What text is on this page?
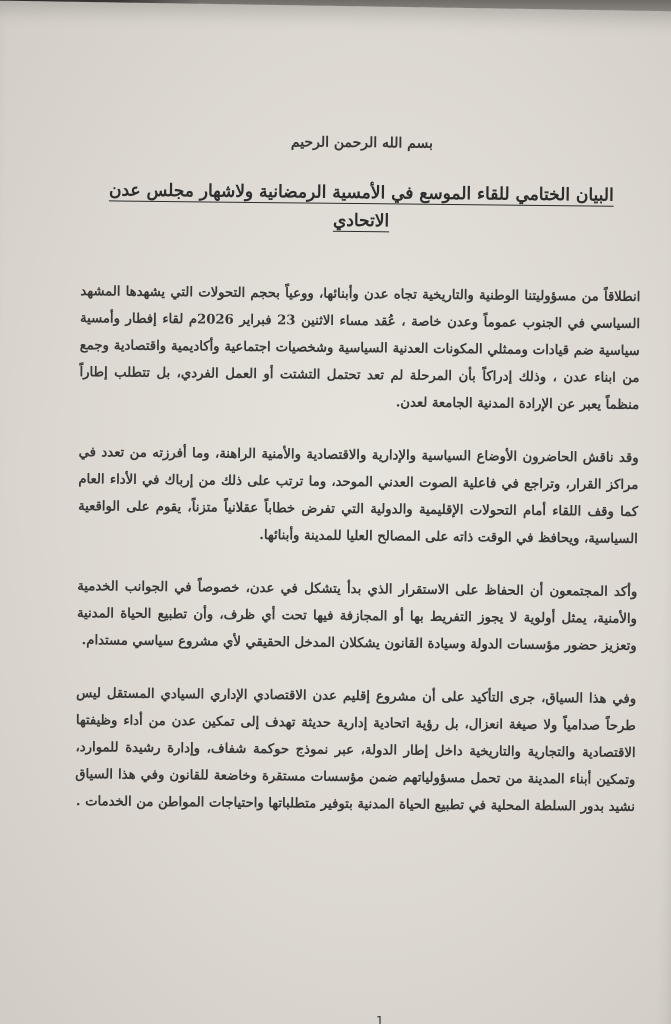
بسم الله الرحمن الرحيم
البيان الختامي للقاء الموسع في الأمسية الرمضانية ولاشهار مجلس عدن الاتحادي

انطلاقاً من مسؤوليتنا الوطنية والتاريخية تجاه عدن وأبنائها، ووعياً بحجم التحولات التي يشهدها المشهد السياسي في الجنوب عموماً وعدن خاصة ، عُقد مساء الاثنين 23 فبراير 2026م لقاء إفطار وأمسية سياسية ضم قيادات وممثلي المكونات العدنية السياسية وشخصيات اجتماعية وأكاديمية واقتصادية وجمع من ابناء عدن ، وذلك إدراكاً بأن المرحلة لم تعد تحتمل التشتت أو العمل الفردي، بل تتطلب إطاراً منظماً يعبر عن الإرادة المدنية الجامعة لعدن.

وقد ناقش الحاضرون الأوضاع السياسية والإدارية والاقتصادية والأمنية الراهنة، وما أفرزته من تعدد في مراكز القرار، وتراجع في فاعلية الصوت العدني الموحد، وما ترتب على ذلك من إرباك في الأداء العام كما وقف اللقاء أمام التحولات الإقليمية والدولية التي تفرض خطاباً عقلانياً متزناً، يقوم على الواقعية السياسية، ويحافظ في الوقت ذاته على المصالح العليا للمدينة وأبنائها.

وأكد المجتمعون أن الحفاظ على الاستقرار الذي بدأ يتشكل في عدن، خصوصاً في الجوانب الخدمية والأمنية، يمثل أولوية لا يجوز التفريط بها أو المجازفة فيها تحت أي ظرف، وأن تطبيع الحياة المدنية وتعزيز حضور مؤسسات الدولة وسيادة القانون يشكلان المدخل الحقيقي لأي مشروع سياسي مستدام.

وفي هذا السياق، جرى التأكيد على أن مشروع إقليم عدن الاقتصادي الإداري السيادي المستقل ليس طرحاً صدامياً ولا صيغة انعزال، بل رؤية اتحادية إدارية حديثة تهدف إلى تمكين عدن من أداء وظيفتها الاقتصادية والتجارية والتاريخية داخل إطار الدولة، عبر نموذج حوكمة شفاف، وإدارة رشيدة للموارد، وتمكين أبناء المدينة من تحمل مسؤولياتهم ضمن مؤسسات مستقرة وخاضعة للقانون وفي هذا السياق نشيد بدور السلطة المحلية في تطبيع الحياة المدنية بتوفير متطلباتها واحتياجات المواطن من الخدمات .

1
